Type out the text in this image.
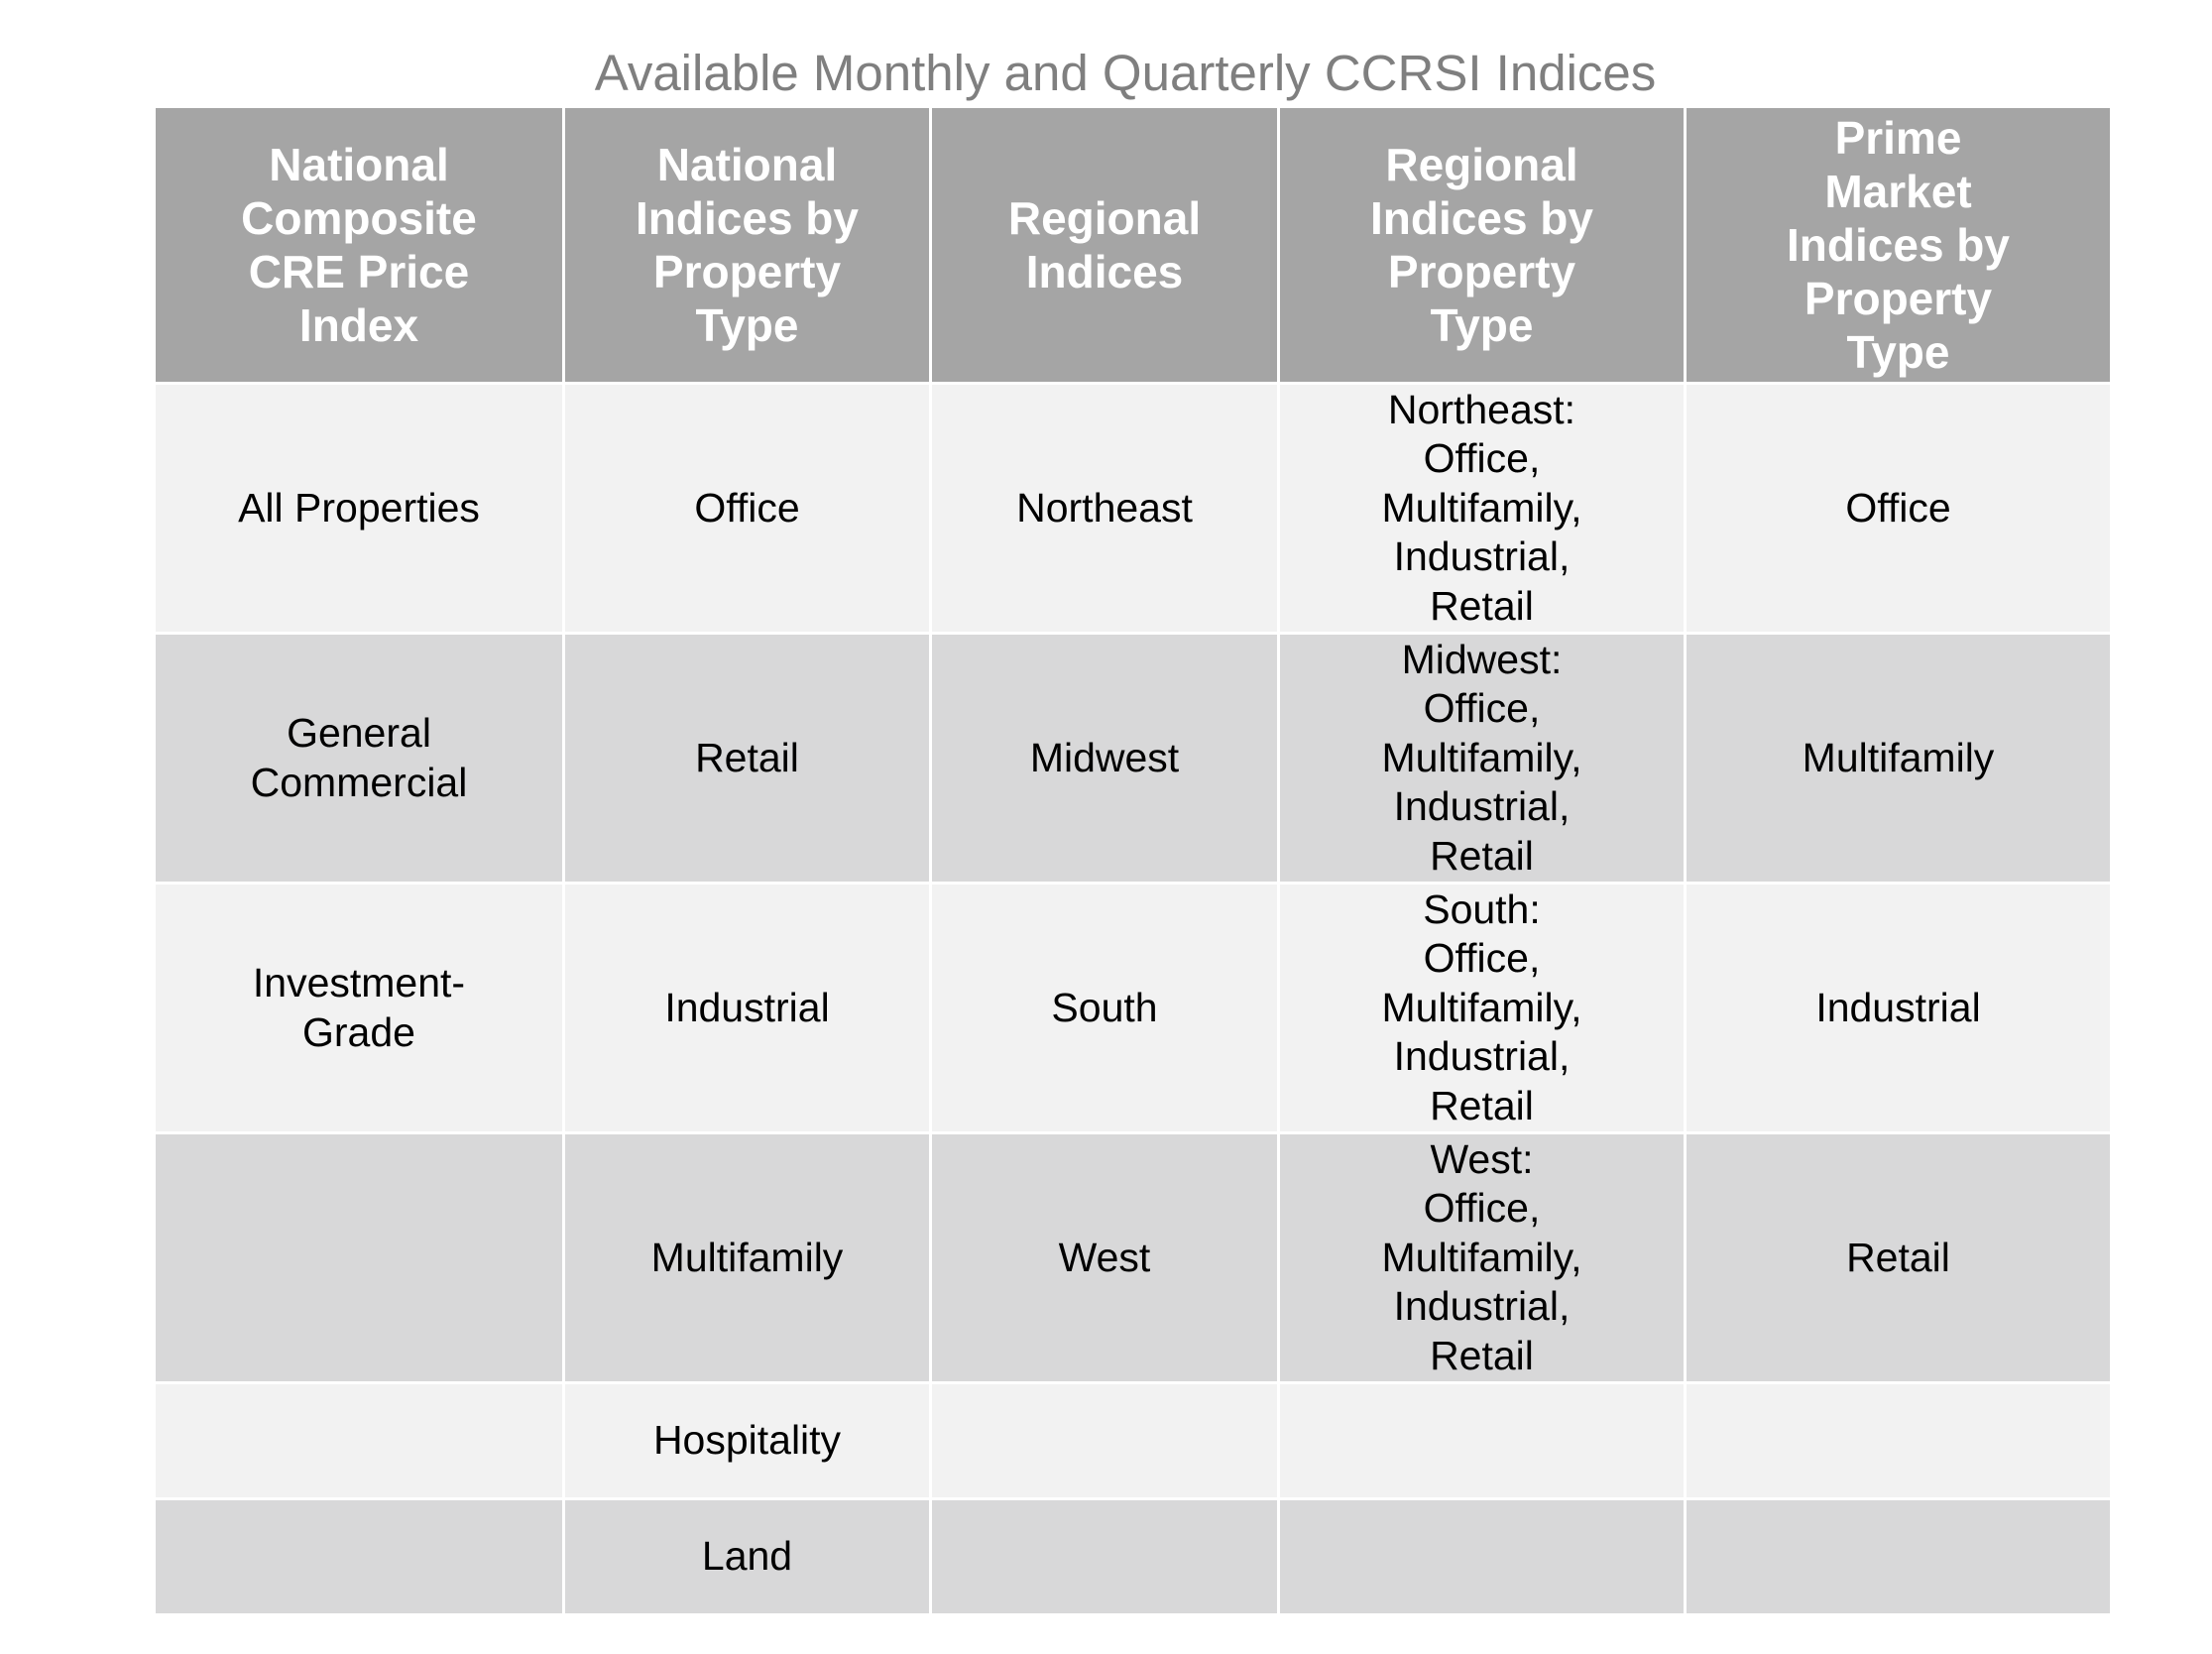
Available Monthly and Quarterly CCRSI Indices
National
Composite
CRE Price
Index	National
Indices by
Property
Type	Regional
Indices	Regional
Indices by
Property
Type	Prime
Market
Indices by
Property
Type
All Properties	Office	Northeast	Northeast:
Office,
Multifamily,
Industrial,
Retail	Office
General
Commercial	Retail	Midwest	Midwest:
Office,
Multifamily,
Industrial,
Retail	Multifamily
Investment-
Grade	Industrial	South	South:
Office,
Multifamily,
Industrial,
Retail	Industrial
	Multifamily	West	West:
Office,
Multifamily,
Industrial,
Retail	Retail
	Hospitality			
	Land			
